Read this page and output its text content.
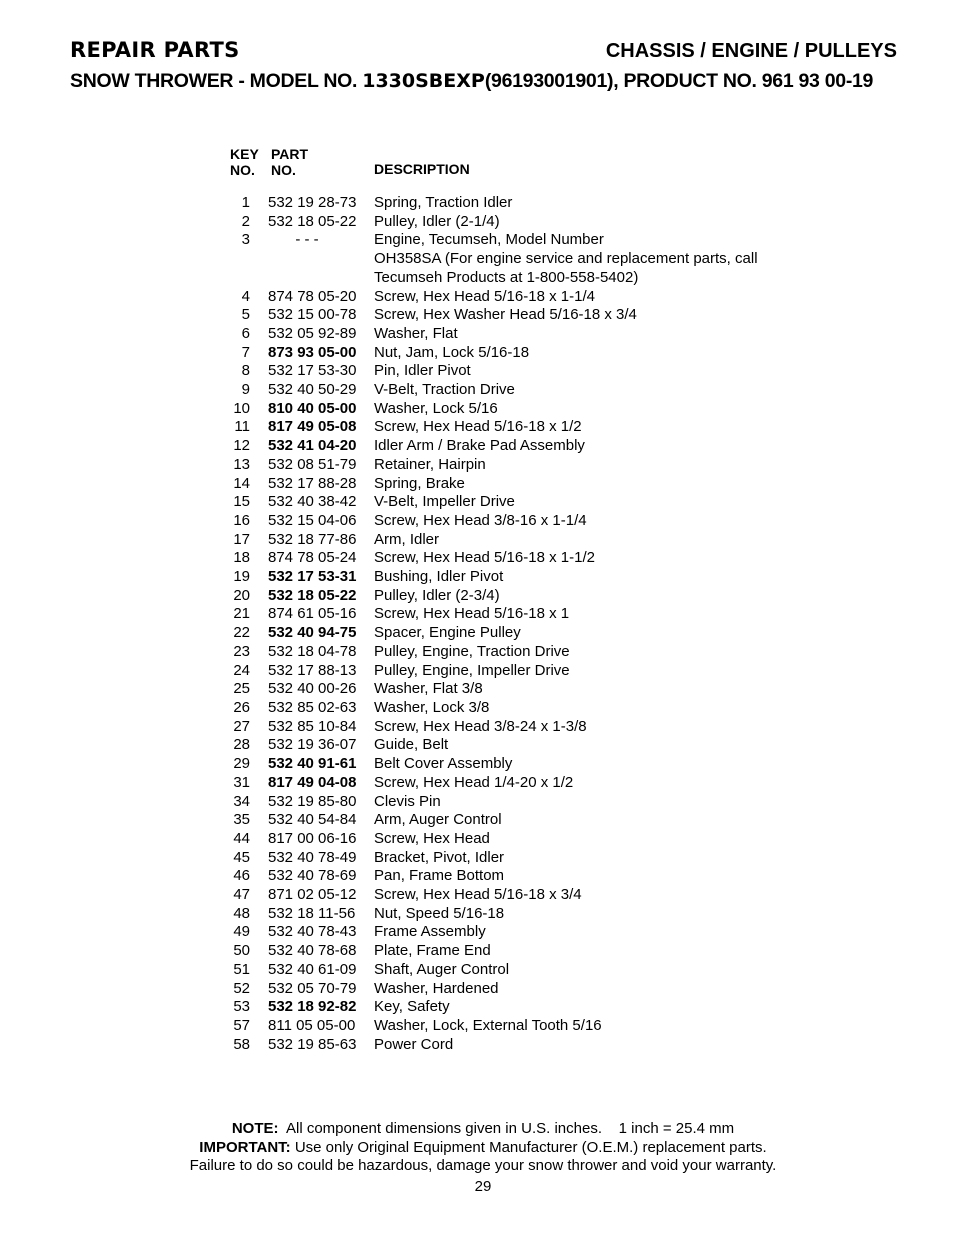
REPAIR PARTS	CHASSIS / ENGINE / PULLEYS
SNOW THROWER - MODEL NO. 1330SBEXP(96193001901), PRODUCT NO. 961 93 00-19
KEY
NO.
PART
NO.	DESCRIPTION
1 532 19 28-73	Spring, Traction Idler
2 532 18 05-22	Pulley, Idler (2-1/4)
3	- - -	Engine, Tecumseh, Model Number
OH358SA (For engine service and replacement parts, call
Tecumseh Products at 1-800-558-5402)
4 874 78 05-20	Screw, Hex Head 5/16-18 x 1-1/4
5 532 15 00-78	Screw, Hex Washer Head 5/16-18 x 3/4
6 532 05 92-89	Washer, Flat
7 873 93 05-00	Nut, Jam, Lock 5/16-18
8 532 17 53-30	Pin, Idler Pivot
9 532 40 50-29	V-Belt, Traction Drive
10 810 40 05-00	Washer, Lock 5/16
11 817 49 05-08	Screw, Hex Head 5/16-18 x 1/2
12 532 41 04-20	Idler Arm / Brake Pad Assembly
13 532 08 51-79	Retainer, Hairpin
14 532 17 88-28	Spring, Brake
15 532 40 38-42	V-Belt, Impeller Drive
16 532 15 04-06	Screw, Hex Head 3/8-16 x 1-1/4
17 532 18 77-86	Arm, Idler
18 874 78 05-24	Screw, Hex Head 5/16-18 x 1-1/2
19 532 17 53-31	Bushing, Idler Pivot
20 532 18 05-22	Pulley, Idler (2-3/4)
21 874 61 05-16	Screw, Hex Head 5/16-18 x 1
22 532 40 94-75	Spacer, Engine Pulley
23 532 18 04-78	Pulley, Engine, Traction Drive
24 532 17 88-13	Pulley, Engine, Impeller Drive
25 532 40 00-26	Washer, Flat 3/8
26 532 85 02-63	Washer, Lock 3/8
27 532 85 10-84	Screw, Hex Head 3/8-24 x 1-3/8
28 532 19 36-07	Guide, Belt
29 532 40 91-61	Belt Cover Assembly
31 817 49 04-08	Screw, Hex Head 1/4-20 x 1/2
34 532 19 85-80	Clevis Pin
35 532 40 54-84	Arm, Auger Control
44 817 00 06-16	Screw, Hex Head
45 532 40 78-49	Bracket, Pivot, Idler
46 532 40 78-69	Pan, Frame Bottom
47 871 02 05-12	Screw, Hex Head 5/16-18 x 3/4
48 532 18 11-56	Nut, Speed 5/16-18
49 532 40 78-43	Frame Assembly
50 532 40 78-68	Plate, Frame End
51 532 40 61-09	Shaft, Auger Control
52 532 05 70-79	Washer, Hardened
53 532 18 92-82	Key, Safety
57 811 05 05-00	Washer, Lock, External Tooth 5/16
58 532 19 85-63	Power Cord
NOTE:  All component dimensions given in U.S. inches.    1 inch = 25.4 mm
IMPORTANT: Use only Original Equipment Manufacturer (O.E.M.) replacement parts.
Failure to do so could be hazardous, damage your snow thrower and void your warranty.
29
